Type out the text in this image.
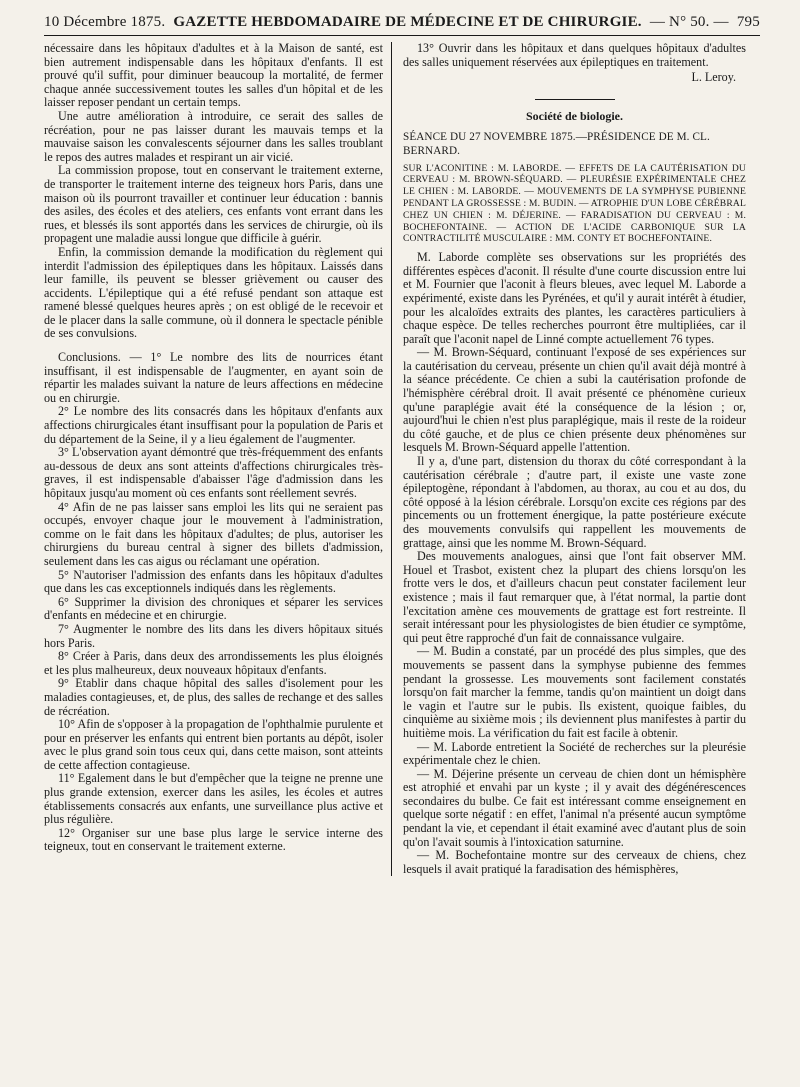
10 Décembre 1875. GAZETTE HEBDOMADAIRE DE MÉDECINE ET DE CHIRURGIE. — N° 50. — 795

nécessaire dans les hôpitaux d'adultes et à la Maison de santé, est bien autrement indispensable dans les hôpitaux d'enfants. Il est prouvé qu'il suffit, pour diminuer beaucoup la mortalité, de fermer chaque année successivement toutes les salles d'un hôpital et de les laisser reposer pendant un certain temps.

Une autre amélioration à introduire, ce serait des salles de récréation, pour ne pas laisser durant les mauvais temps et la mauvaise saison les convalescents séjourner dans les salles troublant le repos des autres malades et respirant un air vicié.

La commission propose, tout en conservant le traitement externe, de transporter le traitement interne des teigneux hors Paris, dans une maison où ils pourront travailler et continuer leur éducation : bannis des asiles, des écoles et des ateliers, ces enfants vont errant dans les rues, et blessés ils sont apportés dans les services de chirurgie, où ils propagent une maladie aussi longue que difficile à guérir.

Enfin, la commission demande la modification du règlement qui interdit l'admission des épileptiques dans les hôpitaux. Laissés dans leur famille, ils peuvent se blesser grièvement ou causer des accidents. L'épileptique qui a été refusé pendant son attaque est ramené blessé quelques heures après ; on est obligé de le recevoir et de le placer dans la salle commune, où il donnera le spectacle pénible de ses convulsions.

Conclusions. — 1° Le nombre des lits de nourrices étant insuffisant, il est indispensable de l'augmenter, en ayant soin de répartir les malades suivant la nature de leurs affections en médecine ou en chirurgie.

2° Le nombre des lits consacrés dans les hôpitaux d'enfants aux affections chirurgicales étant insuffisant pour la population de Paris et du département de la Seine, il y a lieu également de l'augmenter.

3° L'observation ayant démontré que très-fréquemment des enfants au-dessous de deux ans sont atteints d'affections chirurgicales très-graves, il est indispensable d'abaisser l'âge d'admission dans les hôpitaux jusqu'au moment où ces enfants sont réellement sevrés.

4° Afin de ne pas laisser sans emploi les lits qui ne seraient pas occupés, envoyer chaque jour le mouvement à l'administration, comme on le fait dans les hôpitaux d'adultes; de plus, autoriser les chirurgiens du bureau central à signer des billets d'admission, seulement dans les cas aigus ou réclamant une opération.

5° N'autoriser l'admission des enfants dans les hôpitaux d'adultes que dans les cas exceptionnels indiqués dans les règlements.

6° Supprimer la division des chroniques et séparer les services d'enfants en médecine et en chirurgie.

7° Augmenter le nombre des lits dans les divers hôpitaux situés hors Paris.

8° Créer à Paris, dans deux des arrondissements les plus éloignés et les plus malheureux, deux nouveaux hôpitaux d'enfants.

9° Etablir dans chaque hôpital des salles d'isolement pour les maladies contagieuses, et, de plus, des salles de rechange et des salles de récréation.

10° Afin de s'opposer à la propagation de l'ophthalmie purulente et pour en préserver les enfants qui entrent bien portants au dépôt, isoler avec le plus grand soin tous ceux qui, dans cette maison, sont atteints de cette affection contagieuse.

11° Egalement dans le but d'empêcher que la teigne ne prenne une plus grande extension, exercer dans les asiles, les écoles et autres établissements consacrés aux enfants, une surveillance plus active et plus régulière.

12° Organiser sur une base plus large le service interne des teigneux, tout en conservant le traitement externe.

13° Ouvrir dans les hôpitaux et dans quelques hôpitaux d'adultes des salles uniquement réservées aux épileptiques en traitement.

L. Leroy.
Société de biologie.
SÉANCE DU 27 NOVEMBRE 1875.—PRÉSIDENCE DE M. CL. BERNARD.
SUR L'ACONITINE : M. LABORDE. — EFFETS DE LA CAUTÉRISATION DU CERVEAU : M. BROWN-SÉQUARD. — PLEURÉSIE EXPÉRIMENTALE CHEZ LE CHIEN : M. LABORDE. — MOUVEMENTS DE LA SYMPHYSE PUBIENNE PENDANT LA GROSSESSE : M. BUDIN. — ATROPHIE D'UN LOBE CÉRÉBRAL CHEZ UN CHIEN : M. DÉJERINE. — FARADISATION DU CERVEAU : M. BOCHEFONTAINE. — ACTION DE L'ACIDE CARBONIQUE SUR LA CONTRACTILITÉ MUSCULAIRE : MM. CONTY ET BOCHEFONTAINE.

M. Laborde complète ses observations sur les propriétés des différentes espèces d'aconit. Il résulte d'une courte discussion entre lui et M. Fournier que l'aconit à fleurs bleues, avec lequel M. Laborde a expérimenté, existe dans les Pyrénées, et qu'il y aurait intérêt à étudier, pour les alcaloïdes extraits des plantes, les caractères particuliers à chaque espèce. De telles recherches pourront être multipliées, car il paraît que l'aconit napel de Linné compte actuellement 76 types.

— M. Brown-Séquard, continuant l'exposé de ses expériences sur la cautérisation du cerveau, présente un chien qu'il avait déjà montré à la séance précédente. Ce chien a subi la cautérisation profonde de l'hémisphère cérébral droit. Il avait présenté ce phénomène curieux qu'une paraplégie avait été la conséquence de la lésion ; or, aujourd'hui le chien n'est plus paraplégique, mais il reste de la roideur du côté gauche, et de plus ce chien présente deux phénomènes sur lesquels M. Brown-Séquard appelle l'attention.

Il y a, d'une part, distension du thorax du côté correspondant à la cautérisation cérébrale ; d'autre part, il existe une vaste zone épileptogène, répondant à l'abdomen, au thorax, au cou et au dos, du côté opposé à la lésion cérébrale. Lorsqu'on excite ces régions par des pincements ou un frottement énergique, la patte postérieure exécute des mouvements convulsifs qui rappellent les mouvements de grattage, ainsi que les nomme M. Brown-Séquard.

Des mouvements analogues, ainsi que l'ont fait observer MM. Houel et Trasbot, existent chez la plupart des chiens lorsqu'on les frotte vers le dos, et d'ailleurs chacun peut constater facilement leur existence ; mais il faut remarquer que, à l'état normal, la partie dont l'excitation amène ces mouvements de grattage est fort restreinte. Il serait intéressant pour les physiologistes de bien étudier ce symptôme, qui peut être rapproché d'un fait de connaissance vulgaire.

— M. Budin a constaté, par un procédé des plus simples, que des mouvements se passent dans la symphyse pubienne des femmes pendant la grossesse. Les mouvements sont facilement constatés lorsqu'on fait marcher la femme, tandis qu'on maintient un doigt dans le vagin et l'autre sur le pubis. Ils existent, quoique faibles, du cinquième au sixième mois ; ils deviennent plus manifestes à partir du huitième mois. La vérification du fait est facile à obtenir.

— M. Laborde entretient la Société de recherches sur la pleurésie expérimentale chez le chien.

— M. Déjerine présente un cerveau de chien dont un hémisphère est atrophié et envahi par un kyste ; il y avait des dégénérescences secondaires du bulbe. Ce fait est intéressant comme enseignement en quelque sorte négatif : en effet, l'animal n'a présenté aucun symptôme pendant la vie, et cependant il était examiné avec d'autant plus de soin qu'on l'avait soumis à l'intoxication saturnine.

— M. Bochefontaine montre sur des cerveaux de chiens, chez lesquels il avait pratiqué la faradisation des hémisphères,
